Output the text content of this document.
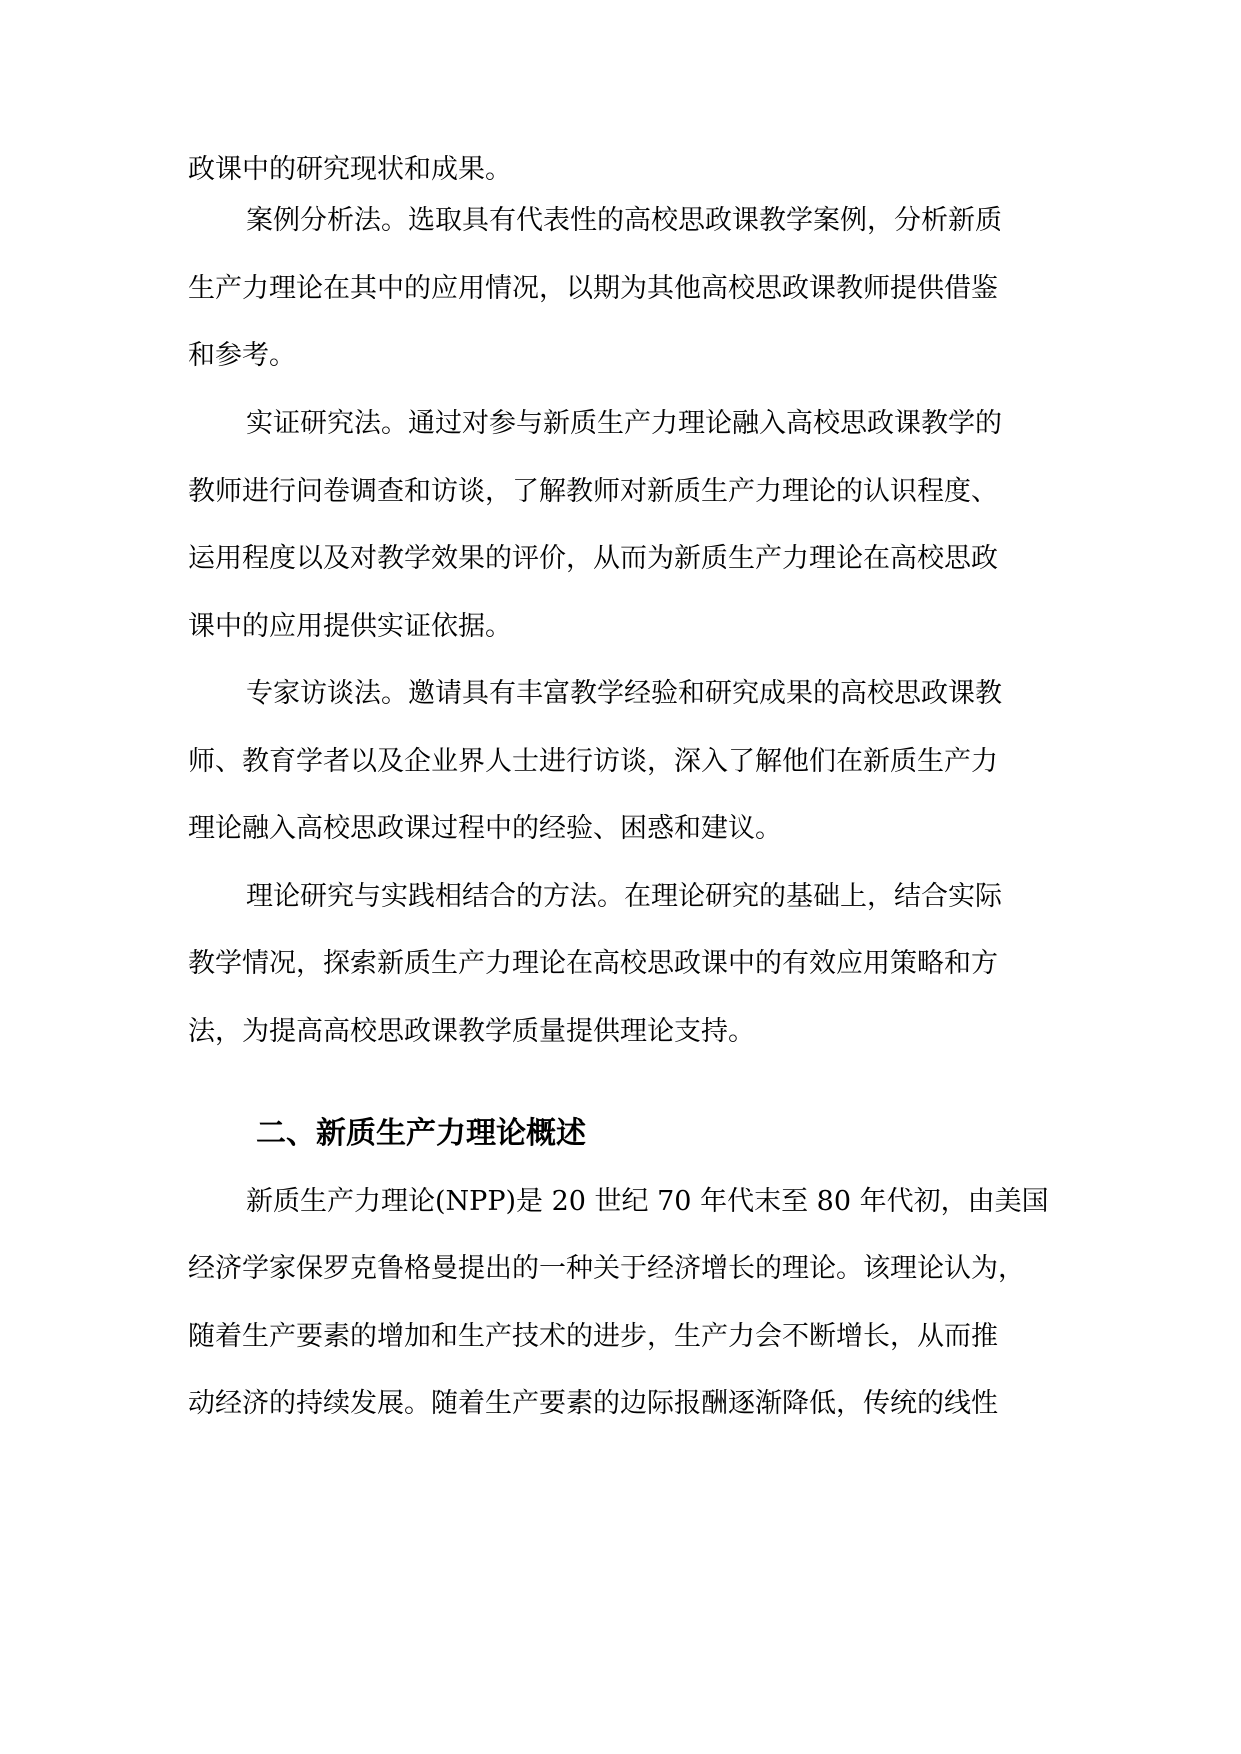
政课中的研究现状和成果。
案例分析法。选取具有代表性的高校思政课教学案例，分析新质
生产力理论在其中的应用情况，以期为其他高校思政课教师提供借鉴
和参考。
实证研究法。通过对参与新质生产力理论融入高校思政课教学的
教师进行问卷调查和访谈，了解教师对新质生产力理论的认识程度、
运用程度以及对教学效果的评价，从而为新质生产力理论在高校思政
课中的应用提供实证依据。
专家访谈法。邀请具有丰富教学经验和研究成果的高校思政课教
师、教育学者以及企业界人士进行访谈，深入了解他们在新质生产力
理论融入高校思政课过程中的经验、困惑和建议。
理论研究与实践相结合的方法。在理论研究的基础上，结合实际
教学情况，探索新质生产力理论在高校思政课中的有效应用策略和方
法，为提高高校思政课教学质量提供理论支持。
二、新质生产力理论概述
新质生产力理论(NPP)是 20 世纪 70 年代末至 80 年代初，由美国
经济学家保罗克鲁格曼提出的一种关于经济增长的理论。该理论认为，
随着生产要素的增加和生产技术的进步，生产力会不断增长，从而推
动经济的持续发展。随着生产要素的边际报酬逐渐降低，传统的线性
